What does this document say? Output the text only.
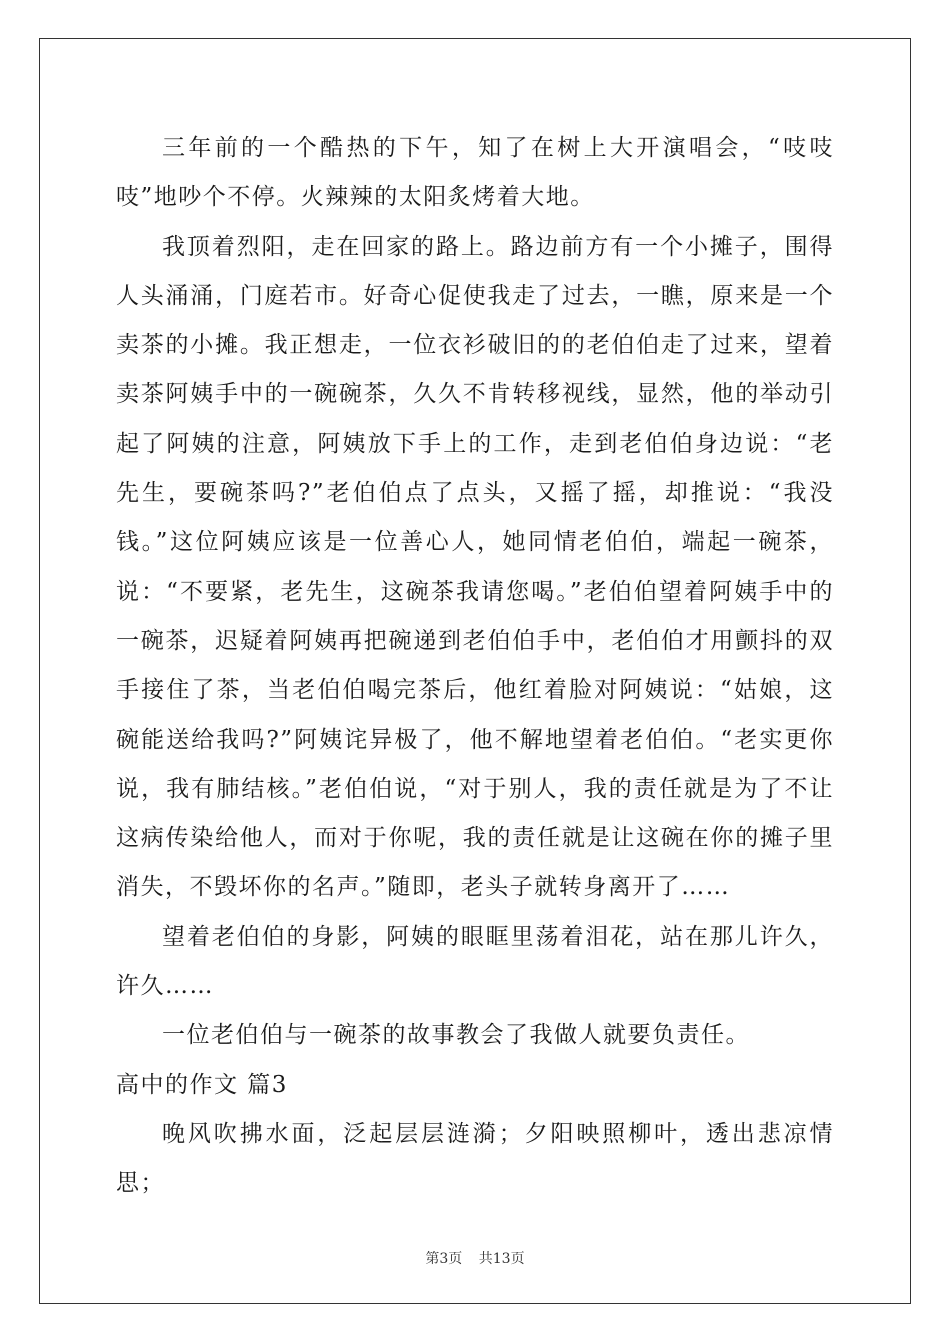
三年前的一个酷热的下午，知了在树上大开演唱会，“吱吱吱”地吵个不停。火辣辣的太阳炙烤着大地。

我顶着烈阳，走在回家的路上。路边前方有一个小摊子，围得人头涌涌，门庭若市。好奇心促使我走了过去，一瞧，原来是一个卖茶的小摊。我正想走，一位衣衫破旧的的老伯伯走了过来，望着卖茶阿姨手中的一碗碗茶，久久不肯转移视线，显然，他的举动引起了阿姨的注意，阿姨放下手上的工作，走到老伯伯身边说：“老先生，要碗茶吗?”老伯伯点了点头，又摇了摇，却推说：“我没钱。”这位阿姨应该是一位善心人，她同情老伯伯，端起一碗茶，说：“不要紧，老先生，这碗茶我请您喝。”老伯伯望着阿姨手中的一碗茶，迟疑着阿姨再把碗递到老伯伯手中，老伯伯才用颤抖的双手接住了茶，当老伯伯喝完茶后，他红着脸对阿姨说：“姑娘，这碗能送给我吗?”阿姨诧异极了，他不解地望着老伯伯。“老实更你说，我有肺结核。”老伯伯说，“对于别人，我的责任就是为了不让这病传染给他人，而对于你呢，我的责任就是让这碗在你的摊子里消失，不毁坏你的名声。”随即，老头子就转身离开了……

望着老伯伯的身影，阿姨的眼眶里荡着泪花，站在那儿许久，许久……

一位老伯伯与一碗茶的故事教会了我做人就要负责任。

高中的作文 篇3

晚风吹拂水面，泛起层层涟漪；夕阳映照柳叶，透出悲凉情思；

第3页 共13页
